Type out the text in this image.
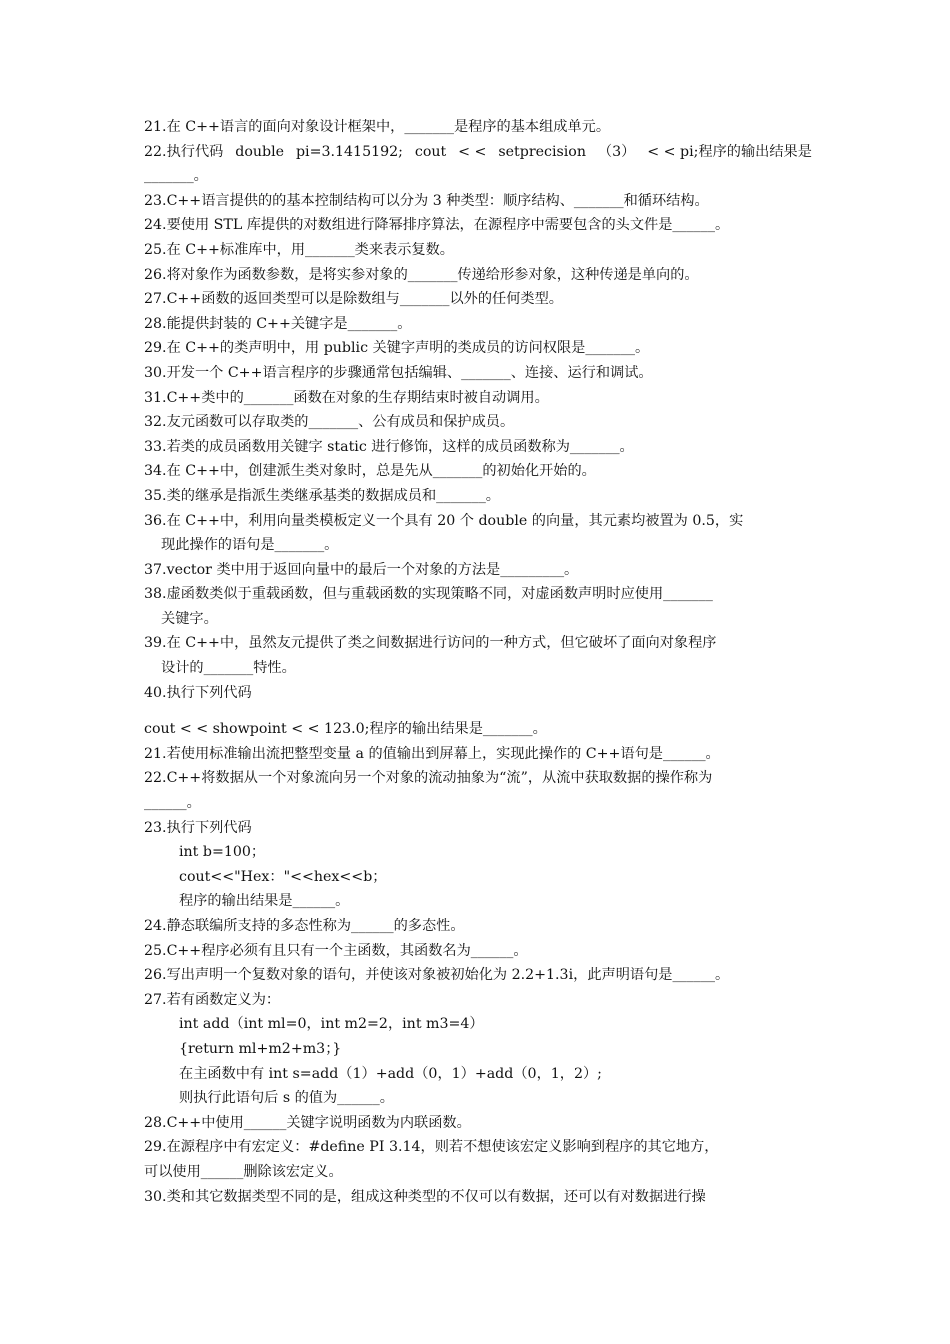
21.在 C++语言的面向对象设计框架中，_______是程序的基本组成单元。
22.执行代码 double pi=3.1415192; cout < < setprecision （3） < < pi;程序的输出结果是
_______。
23.C++语言提供的的基本控制结构可以分为 3 种类型：顺序结构、_______和循环结构。
24.要使用 STL 库提供的对数组进行降幂排序算法，在源程序中需要包含的头文件是______。
25.在 C++标准库中，用_______类来表示复数。
26.将对象作为函数参数，是将实参对象的_______传递给形参对象，这种传递是单向的。
27.C++函数的返回类型可以是除数组与_______以外的任何类型。
28.能提供封装的 C++关键字是_______。
29.在 C++的类声明中，用 public 关键字声明的类成员的访问权限是_______。
30.开发一个 C++语言程序的步骤通常包括编辑、_______、连接、运行和调试。
31.C++类中的_______函数在对象的生存期结束时被自动调用。
32.友元函数可以存取类的_______、公有成员和保护成员。
33.若类的成员函数用关键字 static 进行修饰，这样的成员函数称为_______。
34.在 C++中，创建派生类对象时，总是先从_______的初始化开始的。
35.类的继承是指派生类继承基类的数据成员和_______。
36.在 C++中，利用向量类模板定义一个具有 20 个 double 的向量，其元素均被置为 0.5，实
现此操作的语句是_______。
37.vector 类中用于返回向量中的最后一个对象的方法是_________。
38.虚函数类似于重载函数，但与重载函数的实现策略不同，对虚函数声明时应使用_______
关键字。
39.在 C++中，虽然友元提供了类之间数据进行访问的一种方式，但它破坏了面向对象程序
设计的_______特性。
40.执行下列代码
cout < < showpoint < < 123.0;程序的输出结果是_______。
21.若使用标准输出流把整型变量 a 的值输出到屏幕上，实现此操作的 C++语句是______。
22.C++将数据从一个对象流向另一个对象的流动抽象为“流”，从流中获取数据的操作称为
______。
23.执行下列代码
int b=100；
cout<<"Hex："<<hex<<b；
程序的输出结果是______。
24.静态联编所支持的多态性称为______的多态性。
25.C++程序必须有且只有一个主函数，其函数名为______。
26.写出声明一个复数对象的语句，并使该对象被初始化为 2.2+1.3i，此声明语句是______。
27.若有函数定义为：
int add（int ml=0，int m2=2，int m3=4）
{return ml+m2+m3；}
在主函数中有 int s=add（1）+add（0，1）+add（0，1，2）;
则执行此语句后 s 的值为______。
28.C++中使用______关键字说明函数为内联函数。
29.在源程序中有宏定义：#define PI 3.14，则若不想使该宏定义影响到程序的其它地方，
可以使用______删除该宏定义。
30.类和其它数据类型不同的是，组成这种类型的不仅可以有数据，还可以有对数据进行操
